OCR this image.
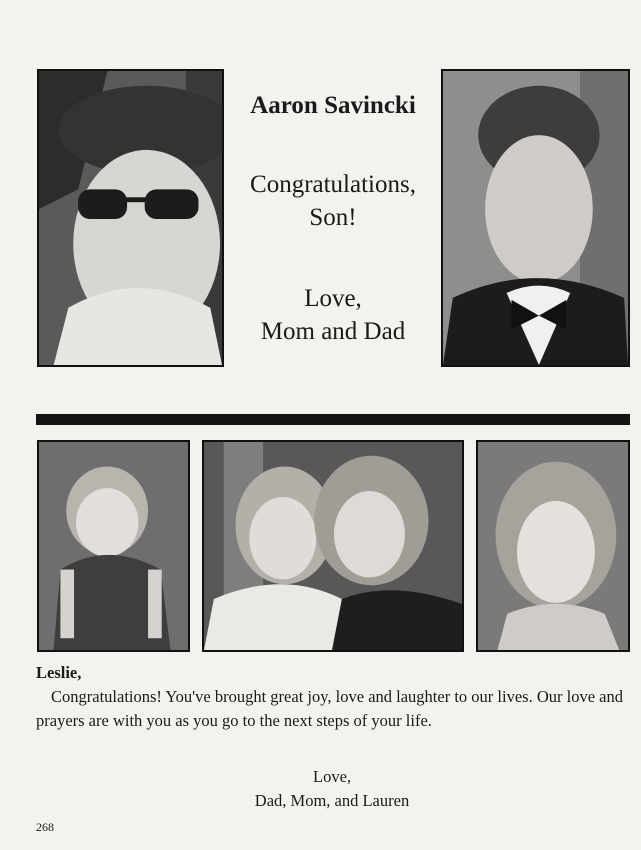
Aaron Savincki
Congratulations,
Son!
Love,
Mom and Dad
Leslie,
Congratulations! You've brought great joy, love and laughter to our lives. Our love and prayers are with you as you go to the next steps of your life.
Love,
Dad, Mom, and Lauren
268
